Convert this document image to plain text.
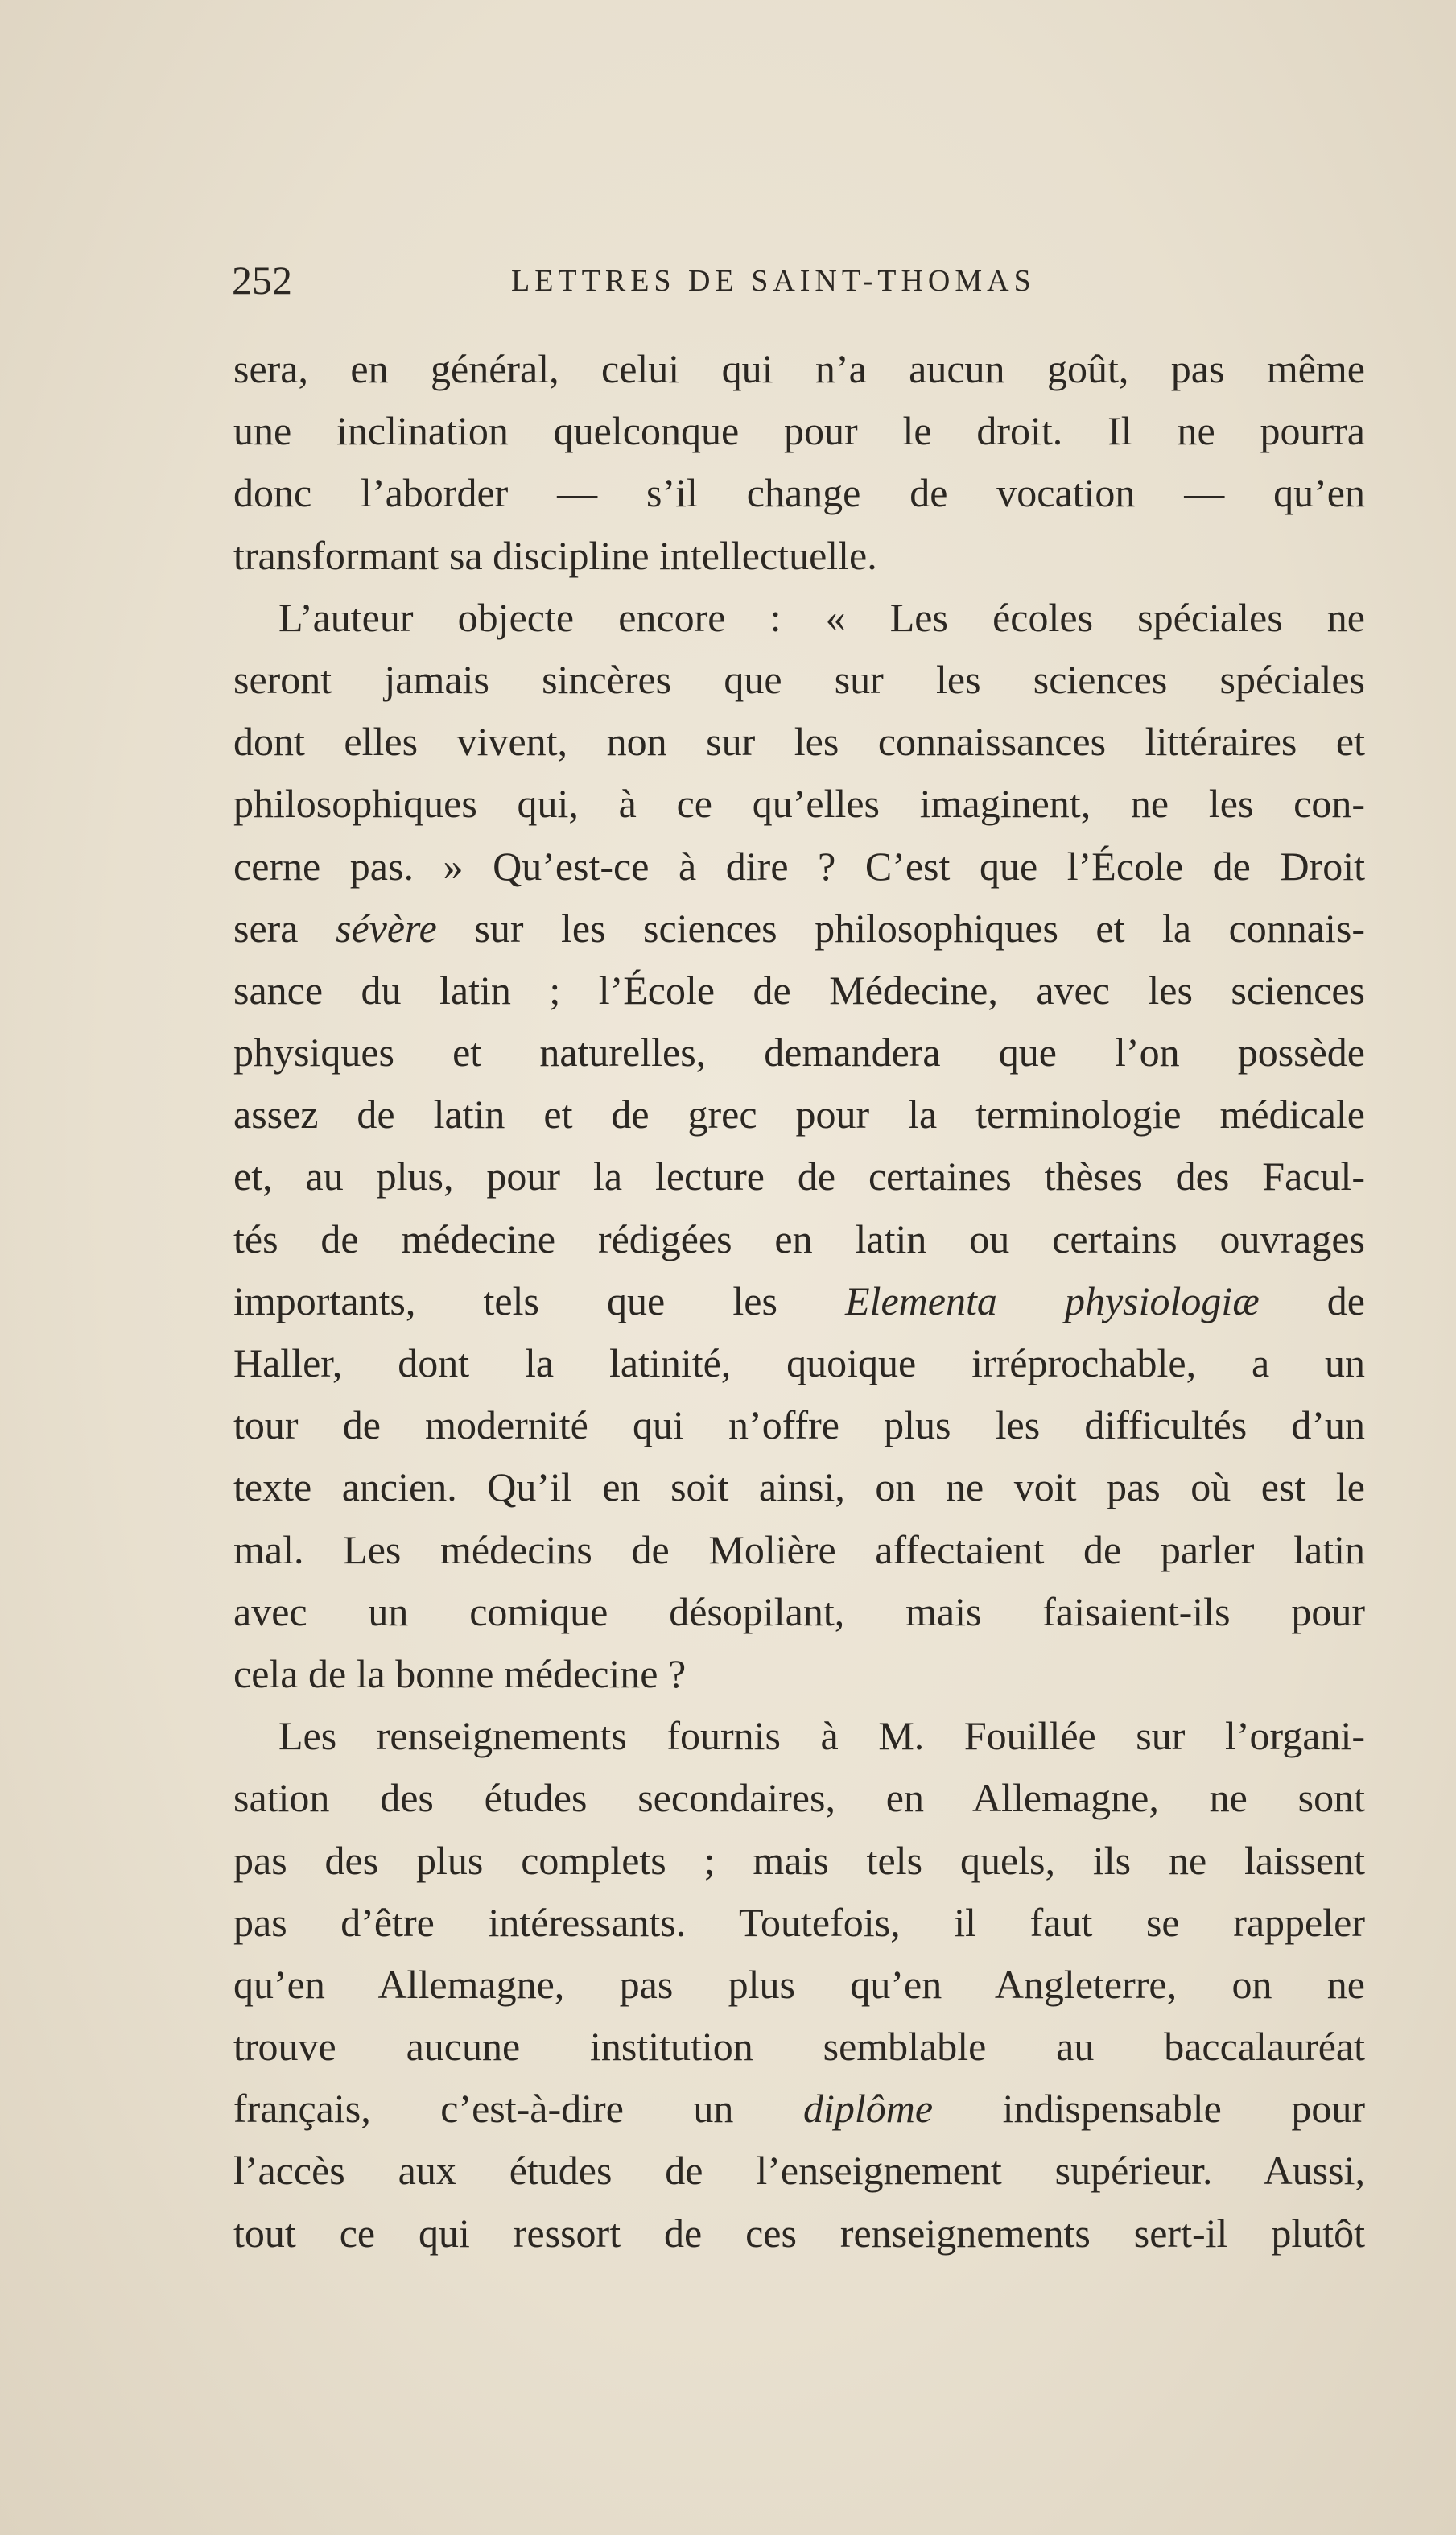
252	LETTRES DE SAINT-THOMAS
sera, en général, celui qui n’a aucun goût, pas même
une inclination quelconque pour le droit. Il ne pourra
donc l’aborder — s’il change de vocation — qu’en
transformant sa discipline intellectuelle.
L’auteur objecte encore : « Les écoles spéciales ne
seront jamais sincères que sur les sciences spéciales
dont elles vivent, non sur les connaissances littéraires et
philosophiques qui, à ce qu’elles imaginent, ne les con-
cerne pas. » Qu’est-ce à dire ? C’est que l’École de Droit
sera sévère sur les sciences philosophiques et la connais-
sance du latin ; l’École de Médecine, avec les sciences
physiques et naturelles, demandera que l’on possède
assez de latin et de grec pour la terminologie médicale
et, au plus, pour la lecture de certaines thèses des Facul-
tés de médecine rédigées en latin ou certains ouvrages
importants, tels que les Elementa physiologiæ de
Haller, dont la latinité, quoique irréprochable, a un
tour de modernité qui n’offre plus les difficultés d’un
texte ancien. Qu’il en soit ainsi, on ne voit pas où est le
mal. Les médecins de Molière affectaient de parler latin
avec un comique désopilant, mais faisaient-ils pour
cela de la bonne médecine ?
Les renseignements fournis à M. Fouillée sur l’organi-
sation des études secondaires, en Allemagne, ne sont
pas des plus complets ; mais tels quels, ils ne laissent
pas d’être intéressants. Toutefois, il faut se rappeler
qu’en Allemagne, pas plus qu’en Angleterre, on ne
trouve aucune institution semblable au baccalauréat
français, c’est-à-dire un diplôme indispensable pour
l’accès aux études de l’enseignement supérieur. Aussi,
tout ce qui ressort de ces renseignements sert-il plutôt
